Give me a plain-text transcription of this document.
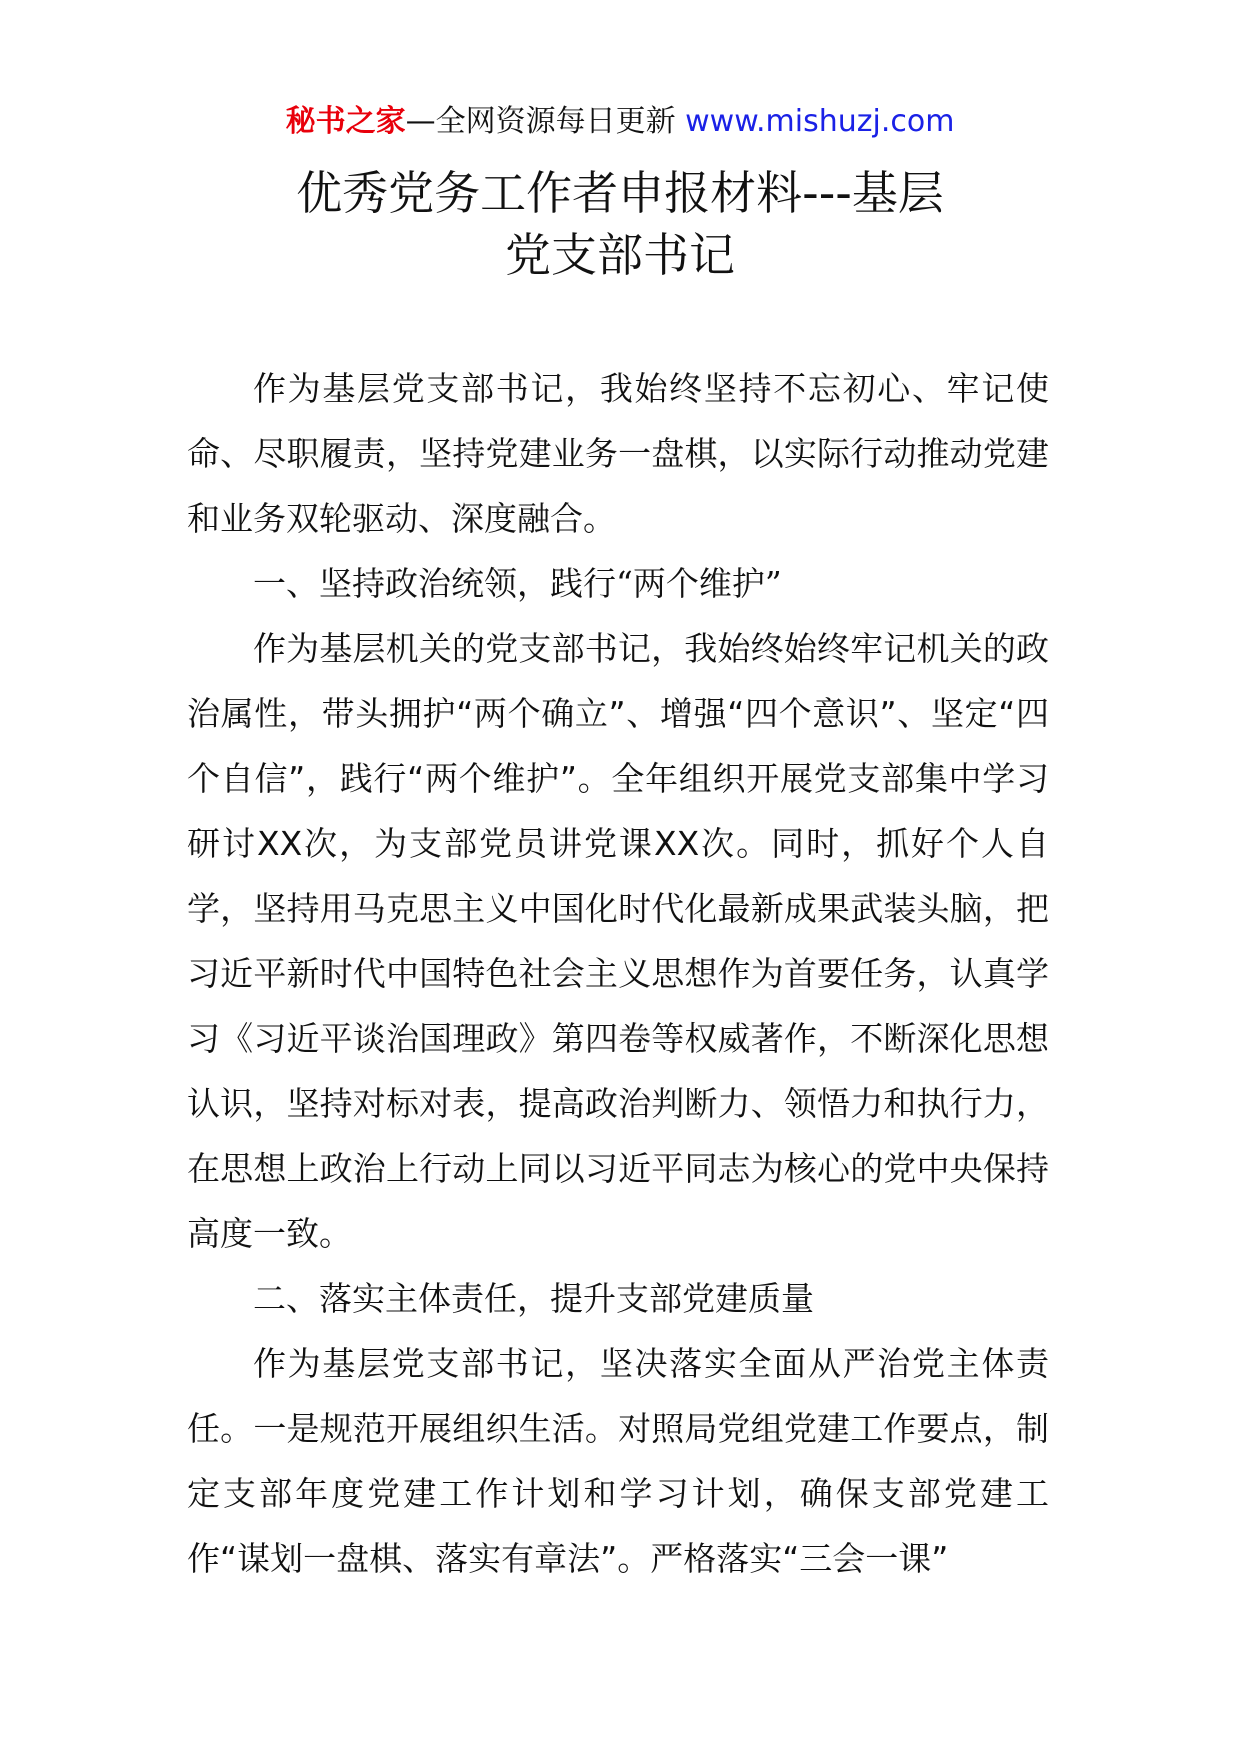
秘书之家—全网资源每日更新 www.mishuzj.com
优秀党务工作者申报材料---基层
党支部书记

作为基层党支部书记，我始终坚持不忘初心、牢记使命、尽职履责，坚持党建业务一盘棋，以实际行动推动党建和业务双轮驱动、深度融合。

一、坚持政治统领，践行“两个维护”

作为基层机关的党支部书记，我始终始终牢记机关的政治属性，带头拥护“两个确立”、增强“四个意识”、坚定“四个自信”，践行“两个维护”。全年组织开展党支部集中学习研讨XX次，为支部党员讲党课XX次。同时，抓好个人自学，坚持用马克思主义中国化时代化最新成果武装头脑，把习近平新时代中国特色社会主义思想作为首要任务，认真学习《习近平谈治国理政》第四卷等权威著作，不断深化思想认识，坚持对标对表，提高政治判断力、领悟力和执行力，在思想上政治上行动上同以习近平同志为核心的党中央保持高度一致。

二、落实主体责任，提升支部党建质量

作为基层党支部书记，坚决落实全面从严治党主体责任。一是规范开展组织生活。对照局党组党建工作要点，制定支部年度党建工作计划和学习计划，确保支部党建工作“谋划一盘棋、落实有章法”。严格落实“三会一课”
